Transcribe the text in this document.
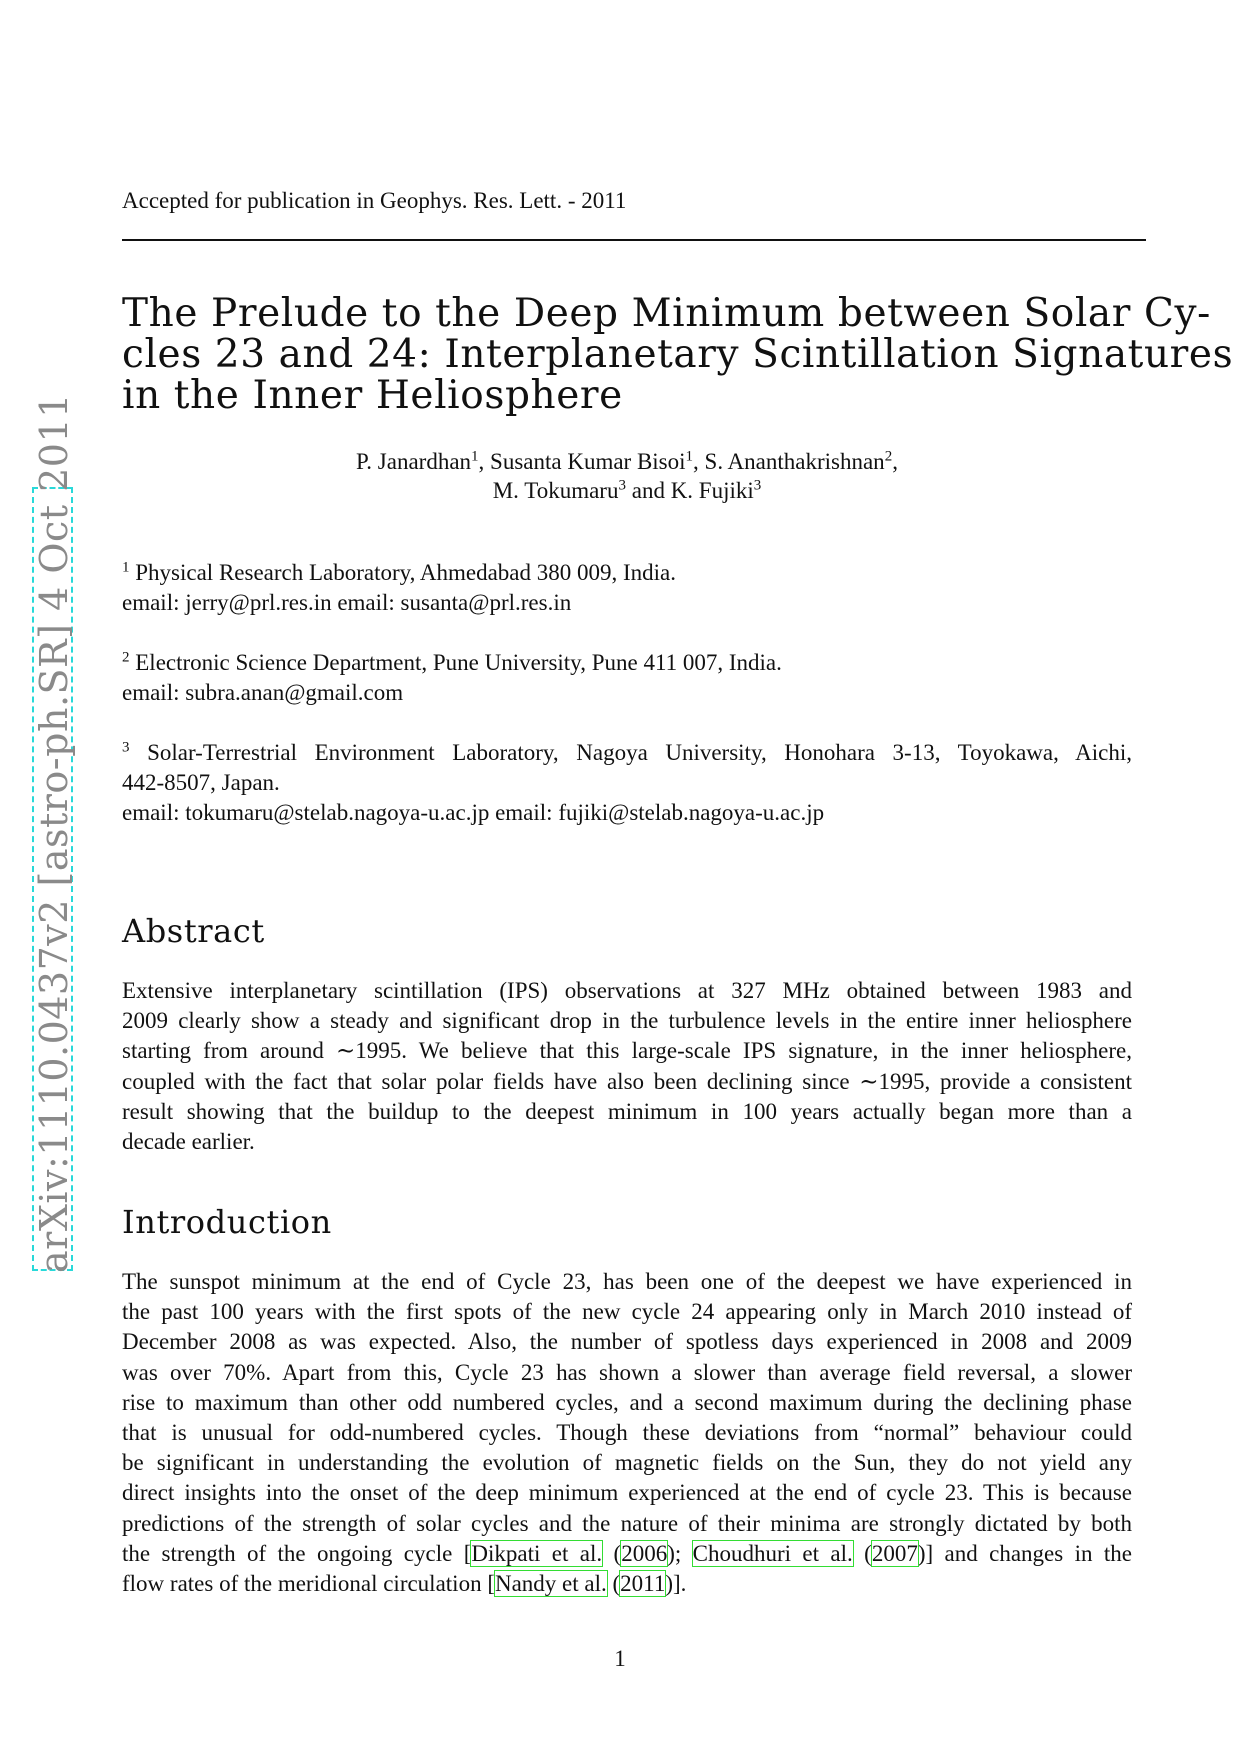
Accepted for publication in Geophys. Res. Lett. - 2011
The Prelude to the Deep Minimum between Solar Cy-
cles 23 and 24: Interplanetary Scintillation Signatures
in the Inner Heliosphere
P. Janardhan$^1$, Susanta Kumar Bisoi$^1$, S. Ananthakrishnan$^2$,
M. Tokumaru$^3$ and K. Fujiki$^3$
$^1$ Physical Research Laboratory, Ahmedabad 380 009, India.
email: jerry@prl.res.in email: susanta@prl.res.in
$^2$ Electronic Science Department, Pune University, Pune 411 007, India.
email: subra.anan@gmail.com
$^3$ Solar-Terrestrial Environment Laboratory, Nagoya University, Honohara 3-13, Toyokawa, Aichi,
442-8507, Japan.
email: tokumaru@stelab.nagoya-u.ac.jp email: fujiki@stelab.nagoya-u.ac.jp
Abstract
Extensive interplanetary scintillation (IPS) observations at 327 MHz obtained between 1983 and
2009 clearly show a steady and significant drop in the turbulence levels in the entire inner heliosphere
starting from around ∼1995. We believe that this large-scale IPS signature, in the inner heliosphere,
coupled with the fact that solar polar fields have also been declining since ∼1995, provide a consistent
result showing that the buildup to the deepest minimum in 100 years actually began more than a
decade earlier.
Introduction
The sunspot minimum at the end of Cycle 23, has been one of the deepest we have experienced in
the past 100 years with the first spots of the new cycle 24 appearing only in March 2010 instead of
December 2008 as was expected. Also, the number of spotless days experienced in 2008 and 2009
was over 70%. Apart from this, Cycle 23 has shown a slower than average field reversal, a slower
rise to maximum than other odd numbered cycles, and a second maximum during the declining phase
that is unusual for odd-numbered cycles. Though these deviations from “normal” behaviour could
be significant in understanding the evolution of magnetic fields on the Sun, they do not yield any
direct insights into the onset of the deep minimum experienced at the end of cycle 23. This is because
predictions of the strength of solar cycles and the nature of their minima are strongly dictated by both
the strength of the ongoing cycle [Dikpati et al. (2006); Choudhuri et al. (2007)] and changes in the
flow rates of the meridional circulation [Nandy et al. (2011)].
1
arXiv:1110.0437v2 [astro-ph.SR] 4 Oct 2011
